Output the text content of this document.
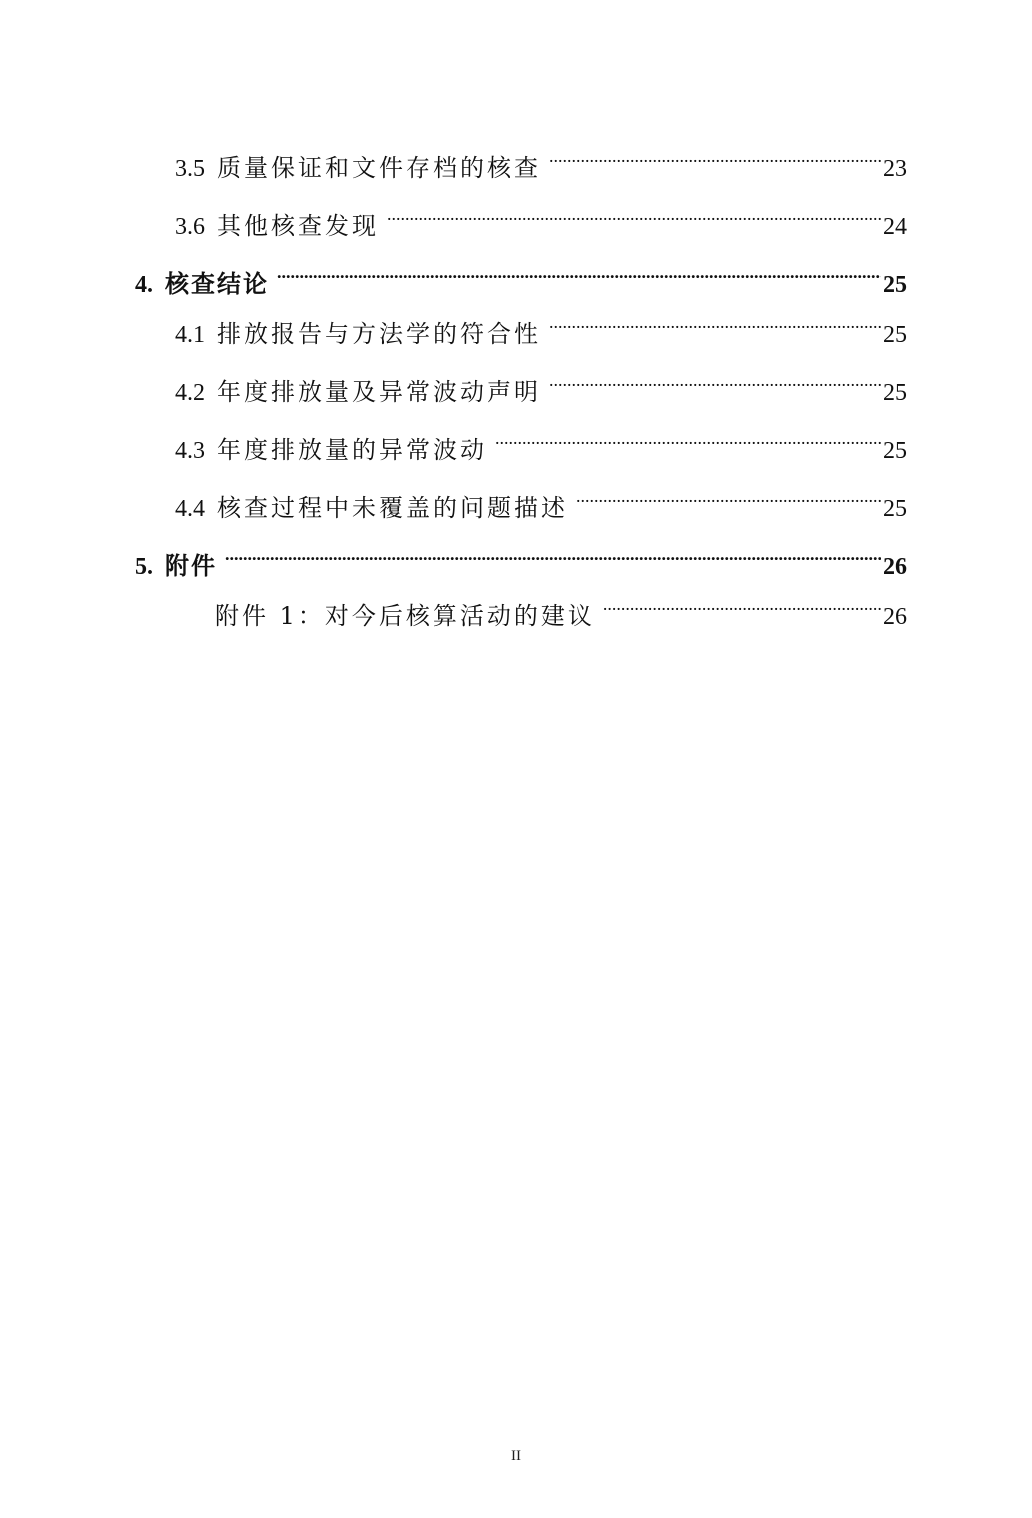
3.5 质量保证和文件存档的核查 .....	23
3.6 其他核查发现 .....	24
4. 核查结论 .....	25
4.1 排放报告与方法学的符合性 .....	25
4.2 年度排放量及异常波动声明 .....	25
4.3 年度排放量的异常波动 .....	25
4.4 核查过程中未覆盖的问题描述 .....	25
5. 附件 .....	26
附件 1：对今后核算活动的建议 .....	26
II
